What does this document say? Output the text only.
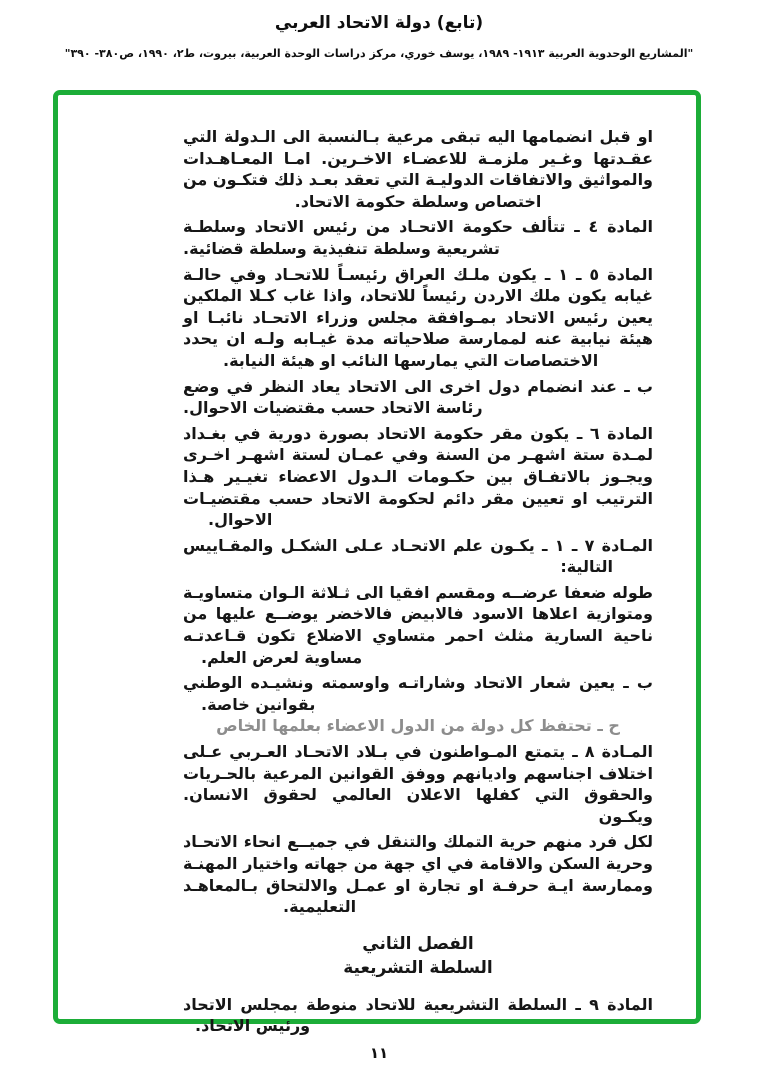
(تابع) دولة الاتحاد العربي
"المشاريع الوحدوية العربية ١٩١٣- ١٩٨٩، يوسف خوري، مركز دراسات الوحدة العربية، بيروت، ط٢، ١٩٩٠، ص٣٨٠- ٣٩٠"
او قبل انضمامها اليه تبقى مرعية بـالنسبة الى الـدولة التي
عقـدتها وغـير ملزمـة للاعضـاء الاخـرين. امـا المعـاهـدات
والمواثيق والاتفاقات الدوليـة التي تعقد بعـد ذلك فتكـون من
اختصاص وسلطة حكومة الاتحاد.
المادة ٤ ـ تتألف حكومة الاتحـاد من رئيس الاتحاد وسلطـة
تشريعية وسلطة تنفيذية وسلطة قضائية.
المادة ٥ ـ ١ ـ يكون ملـك العراق رئيسـاً للاتحـاد وفي حالـة
غيابه يكون ملك الاردن رئيساً للاتحاد، واذا غاب كـلا الملكين
يعين رئيس الاتحاد بمـوافقة مجلس وزراء الاتحـاد نائبـا او
هيئة نيابية عنه لممارسة صلاحياته مدة غيـابه ولـه ان يحدد
الاختصاصات التي يمارسها النائب او هيئة النيابة.
ب ـ عند انضمام دول اخرى الى الاتحاد يعاد النظر في وضع
رئاسة الاتحاد حسب مقتضيات الاحوال.
المادة ٦ ـ يكون مقر حكومة الاتحاد بصورة دورية في بغـداد
لمـدة ستة اشهـر من السنة وفي عمـان لستة اشهـر اخـرى
ويجـوز بالاتفـاق بين حكـومات الـدول الاعضاء تغيـير هـذا
الترتيب او تعيين مقر دائم لحكومة الاتحاد حسب مقتضيـات
الاحوال.
المـادة ٧ ـ ١ ـ يكـون علم الاتحـاد عـلى الشكـل والمقـاييس
التالية:
طوله ضعفا عرضــه ومقسم افقيا الى ثـلاثة الـوان متساويـة
ومتوازية اعلاها الاسود فالابيض فالاخضر يوضــع عليها من
ناحية السارية مثلث احمر متساوي الاضلاع تكون قـاعدتـه
مساوية لعرض العلم.
ب ـ يعين شعار الاتحاد وشاراتـه واوسمته ونشيـده الوطني
بقوانين خاصة.
ح ـ تحتفظ كل دولة من الدول الاعضاء بعلمها الخاص
المـادة ٨ ـ يتمتع المـواطنون في بـلاد الاتحـاد العـربي عـلى
اختلاف اجناسهم واديانهم ووفق القوانين المرعية بالحـريات
والحقوق التي كفلها الاعلان العالمي لحقوق الانسان. ويكـون
لكل فرد منهم حرية التملك والتنقل في جميــع انحاء الاتحـاد
وحرية السكن والاقامة في اي جهة من جهاته واختيار المهنـة
وممارسة ايـة حرفـة او تجارة او عمـل والالتحاق بـالمعاهـد
التعليمية.
الفصل الثاني
السلطة التشريعية
المادة ٩ ـ السلطة التشريعية للاتحاد منوطة بمجلس الاتحاد
ورئيس الاتحاد.
١١
